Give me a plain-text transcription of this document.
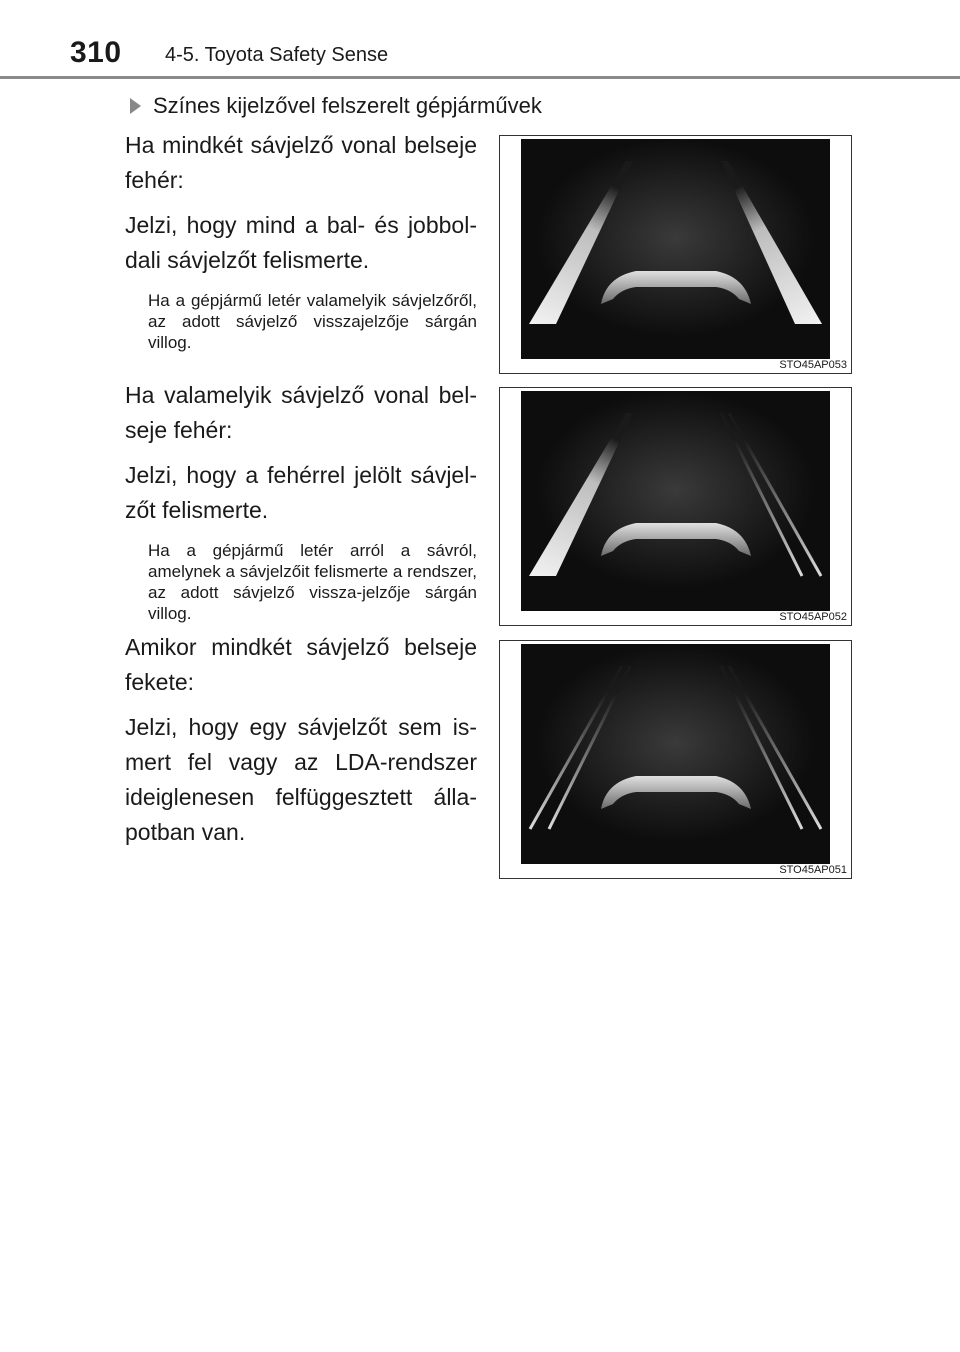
310 4-5. Toyota Safety Sense
Színes kijelzővel felszerelt gépjárművek

Ha mindkét sávjelző vonal belseje fehér:

Jelzi, hogy mind a bal- és jobbol-dali sávjelzőt felismerte.

Ha a gépjármű letér valamelyik sávjelzőről, az adott sávjelző visszajelzője sárgán villog.

STO45AP053

Ha valamelyik sávjelző vonal bel-seje fehér:

Jelzi, hogy a fehérrel jelölt sávjel-zőt felismerte.

Ha a gépjármű letér arról a sávról, amelynek a sávjelzőit felismerte a rendszer, az adott sávjelző vissza-jelzője sárgán villog.	STO45AP052

Amikor mindkét sávjelző belseje fekete:

Jelzi, hogy egy sávjelzőt sem is-mert fel vagy az LDA-rendszer ideiglenesen felfüggesztett álla-potban van.

STO45AP051
